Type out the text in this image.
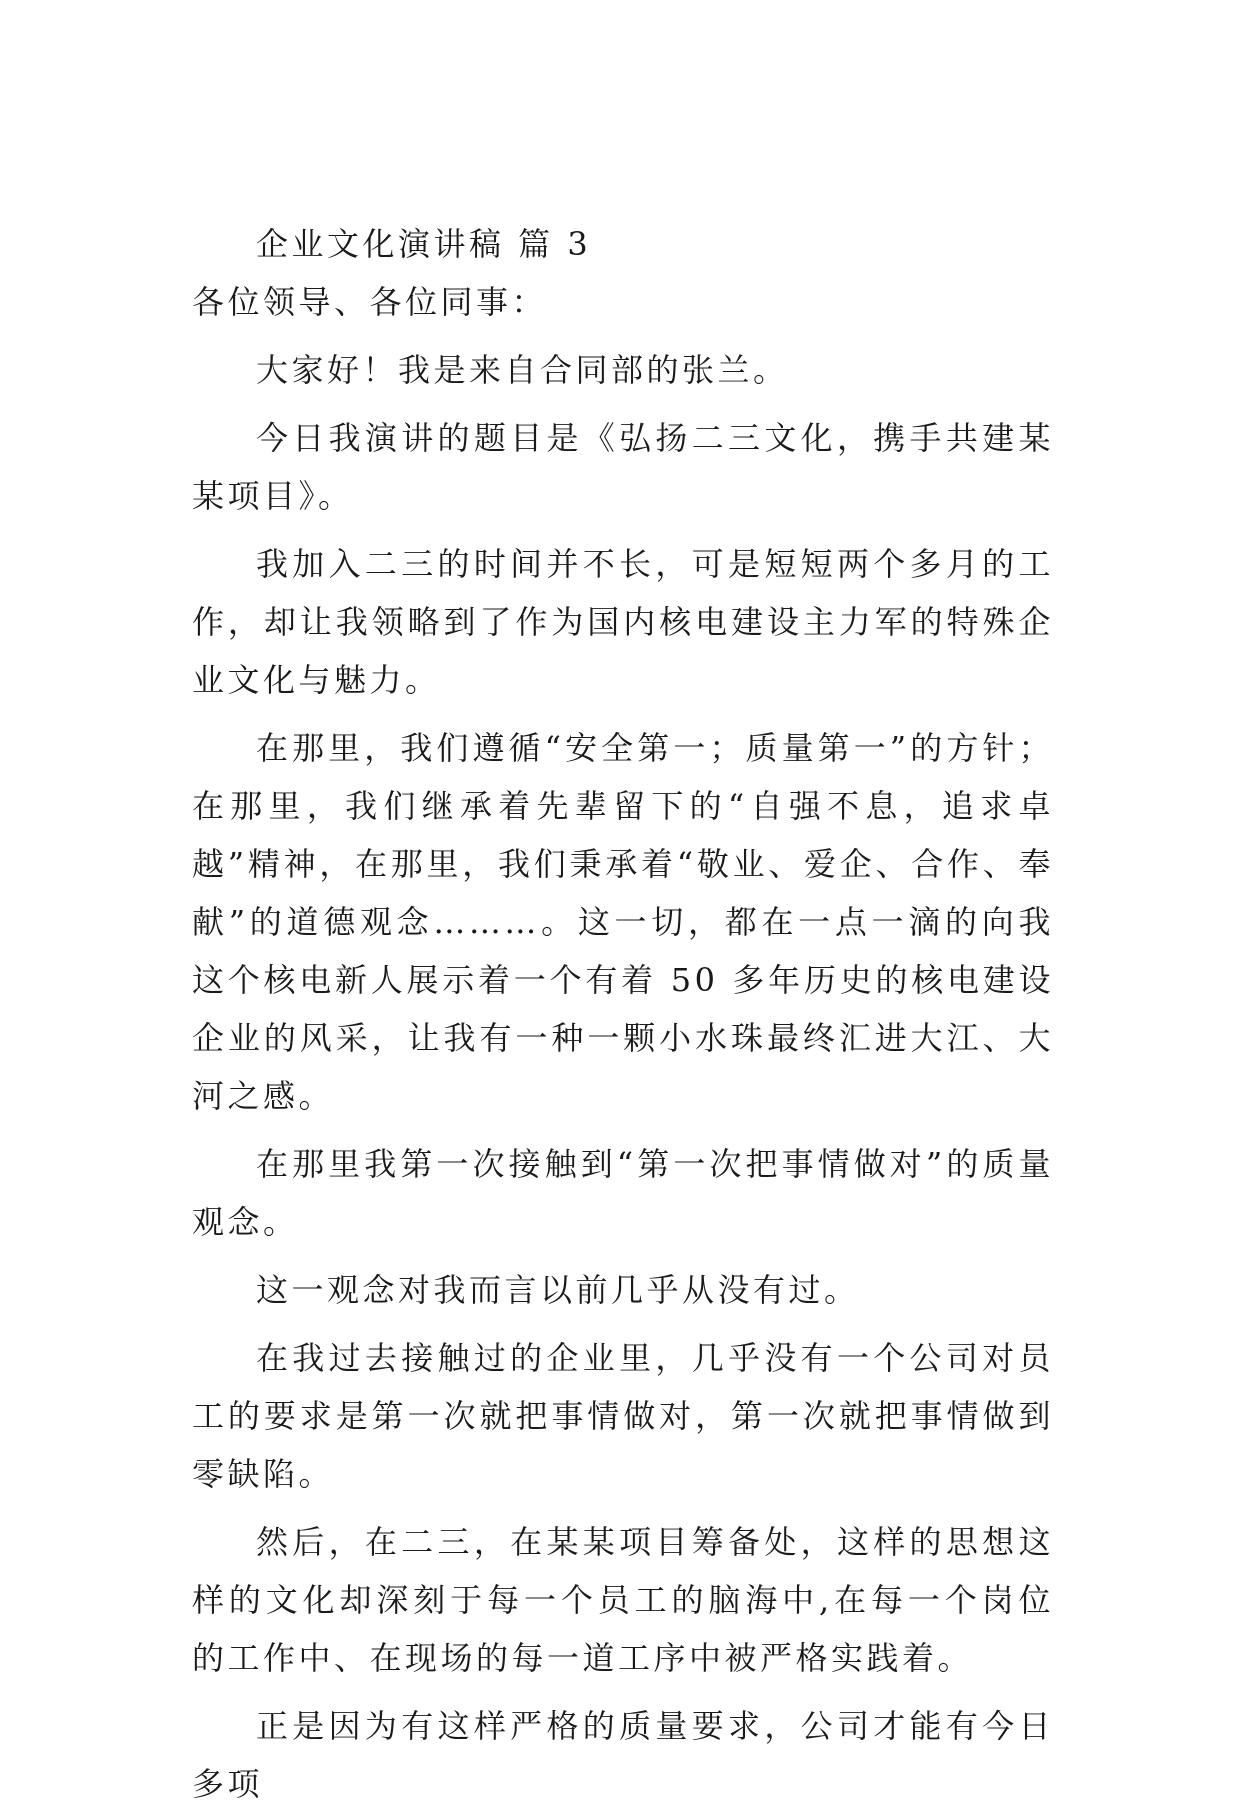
企业文化演讲稿 篇 3

各位领导、各位同事：

大家好！我是来自合同部的张兰。

今日我演讲的题目是《弘扬二三文化，携手共建某某项目》。

我加入二三的时间并不长，可是短短两个多月的工作，却让我领略到了作为国内核电建设主力军的特殊企业文化与魅力。

在那里，我们遵循“安全第一；质量第一”的方针；在那里，我们继承着先辈留下的“自强不息，追求卓越”精神，在那里，我们秉承着“敬业、爱企、合作、奉献”的道德观念………。这一切，都在一点一滴的向我这个核电新人展示着一个有着 50 多年历史的核电建设企业的风采，让我有一种一颗小水珠最终汇进大江、大河之感。

在那里我第一次接触到“第一次把事情做对”的质量观念。

这一观念对我而言以前几乎从没有过。

在我过去接触过的企业里，几乎没有一个公司对员工的要求是第一次就把事情做对，第一次就把事情做到零缺陷。

然后，在二三，在某某项目筹备处，这样的思想这样的文化却深刻于每一个员工的脑海中,在每一个岗位的工作中、在现场的每一道工序中被严格实践着。

正是因为有这样严格的质量要求，公司才能有今日多项
